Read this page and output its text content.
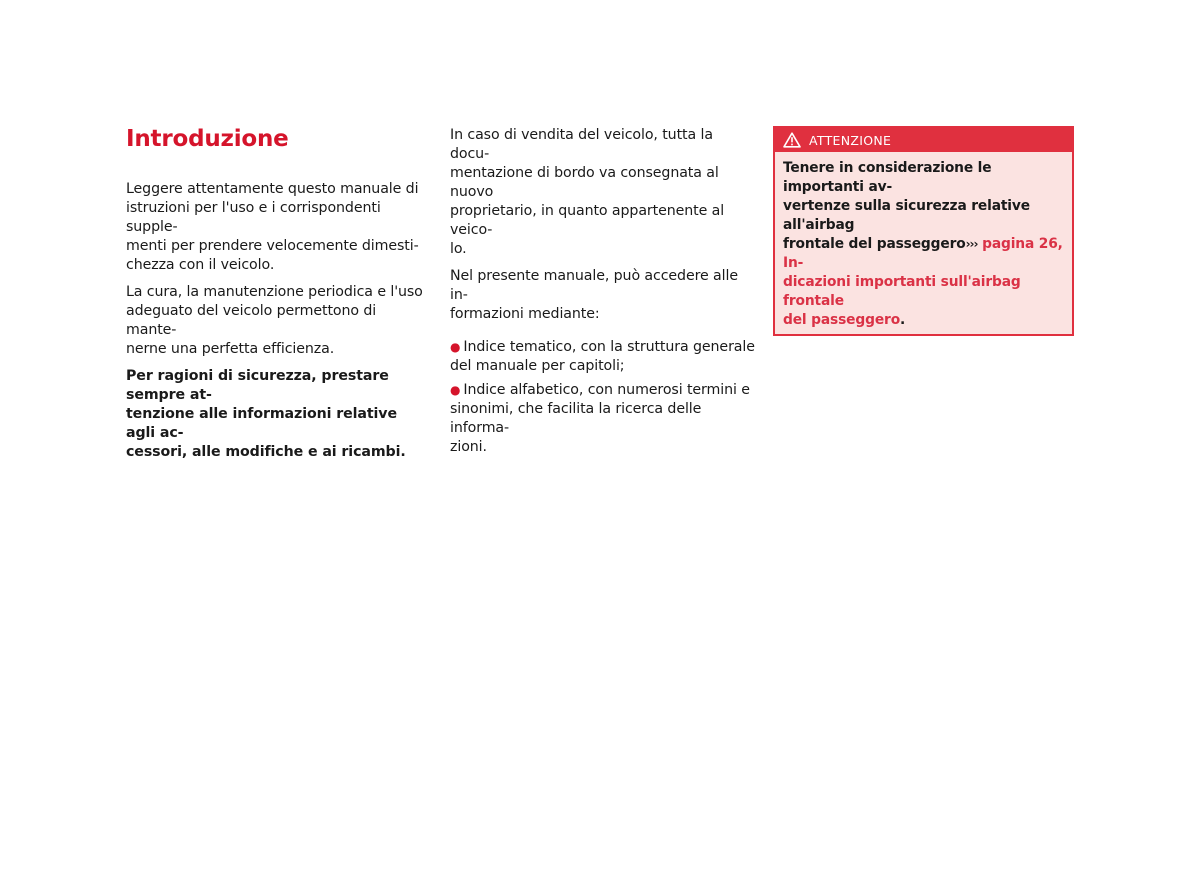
Introduzione

Leggere attentamente questo manuale di
istruzioni per l'uso e i corrispondenti supple-
menti per prendere velocemente dimesti-
chezza con il veicolo.

La cura, la manutenzione periodica e l'uso
adeguato del veicolo permettono di mante-
nerne una perfetta efficienza.

Per ragioni di sicurezza, prestare sempre at-
tenzione alle informazioni relative agli ac-
cessori, alle modifiche e ai ricambi.

In caso di vendita del veicolo, tutta la docu-
mentazione di bordo va consegnata al nuovo
proprietario, in quanto appartenente al veico-
lo.

Nel presente manuale, può accedere alle in-
formazioni mediante:

● Indice tematico, con la struttura generale
del manuale per capitoli;
● Indice alfabetico, con numerosi termini e
sinonimi, che facilita la ricerca delle informa-
zioni.
ATTENZIONE
Tenere in considerazione le importanti av-
vertenze sulla sicurezza relative all'airbag
frontale del passeggero››› pagina 26, In-
dicazioni importanti sull'airbag frontale
del passeggero.
